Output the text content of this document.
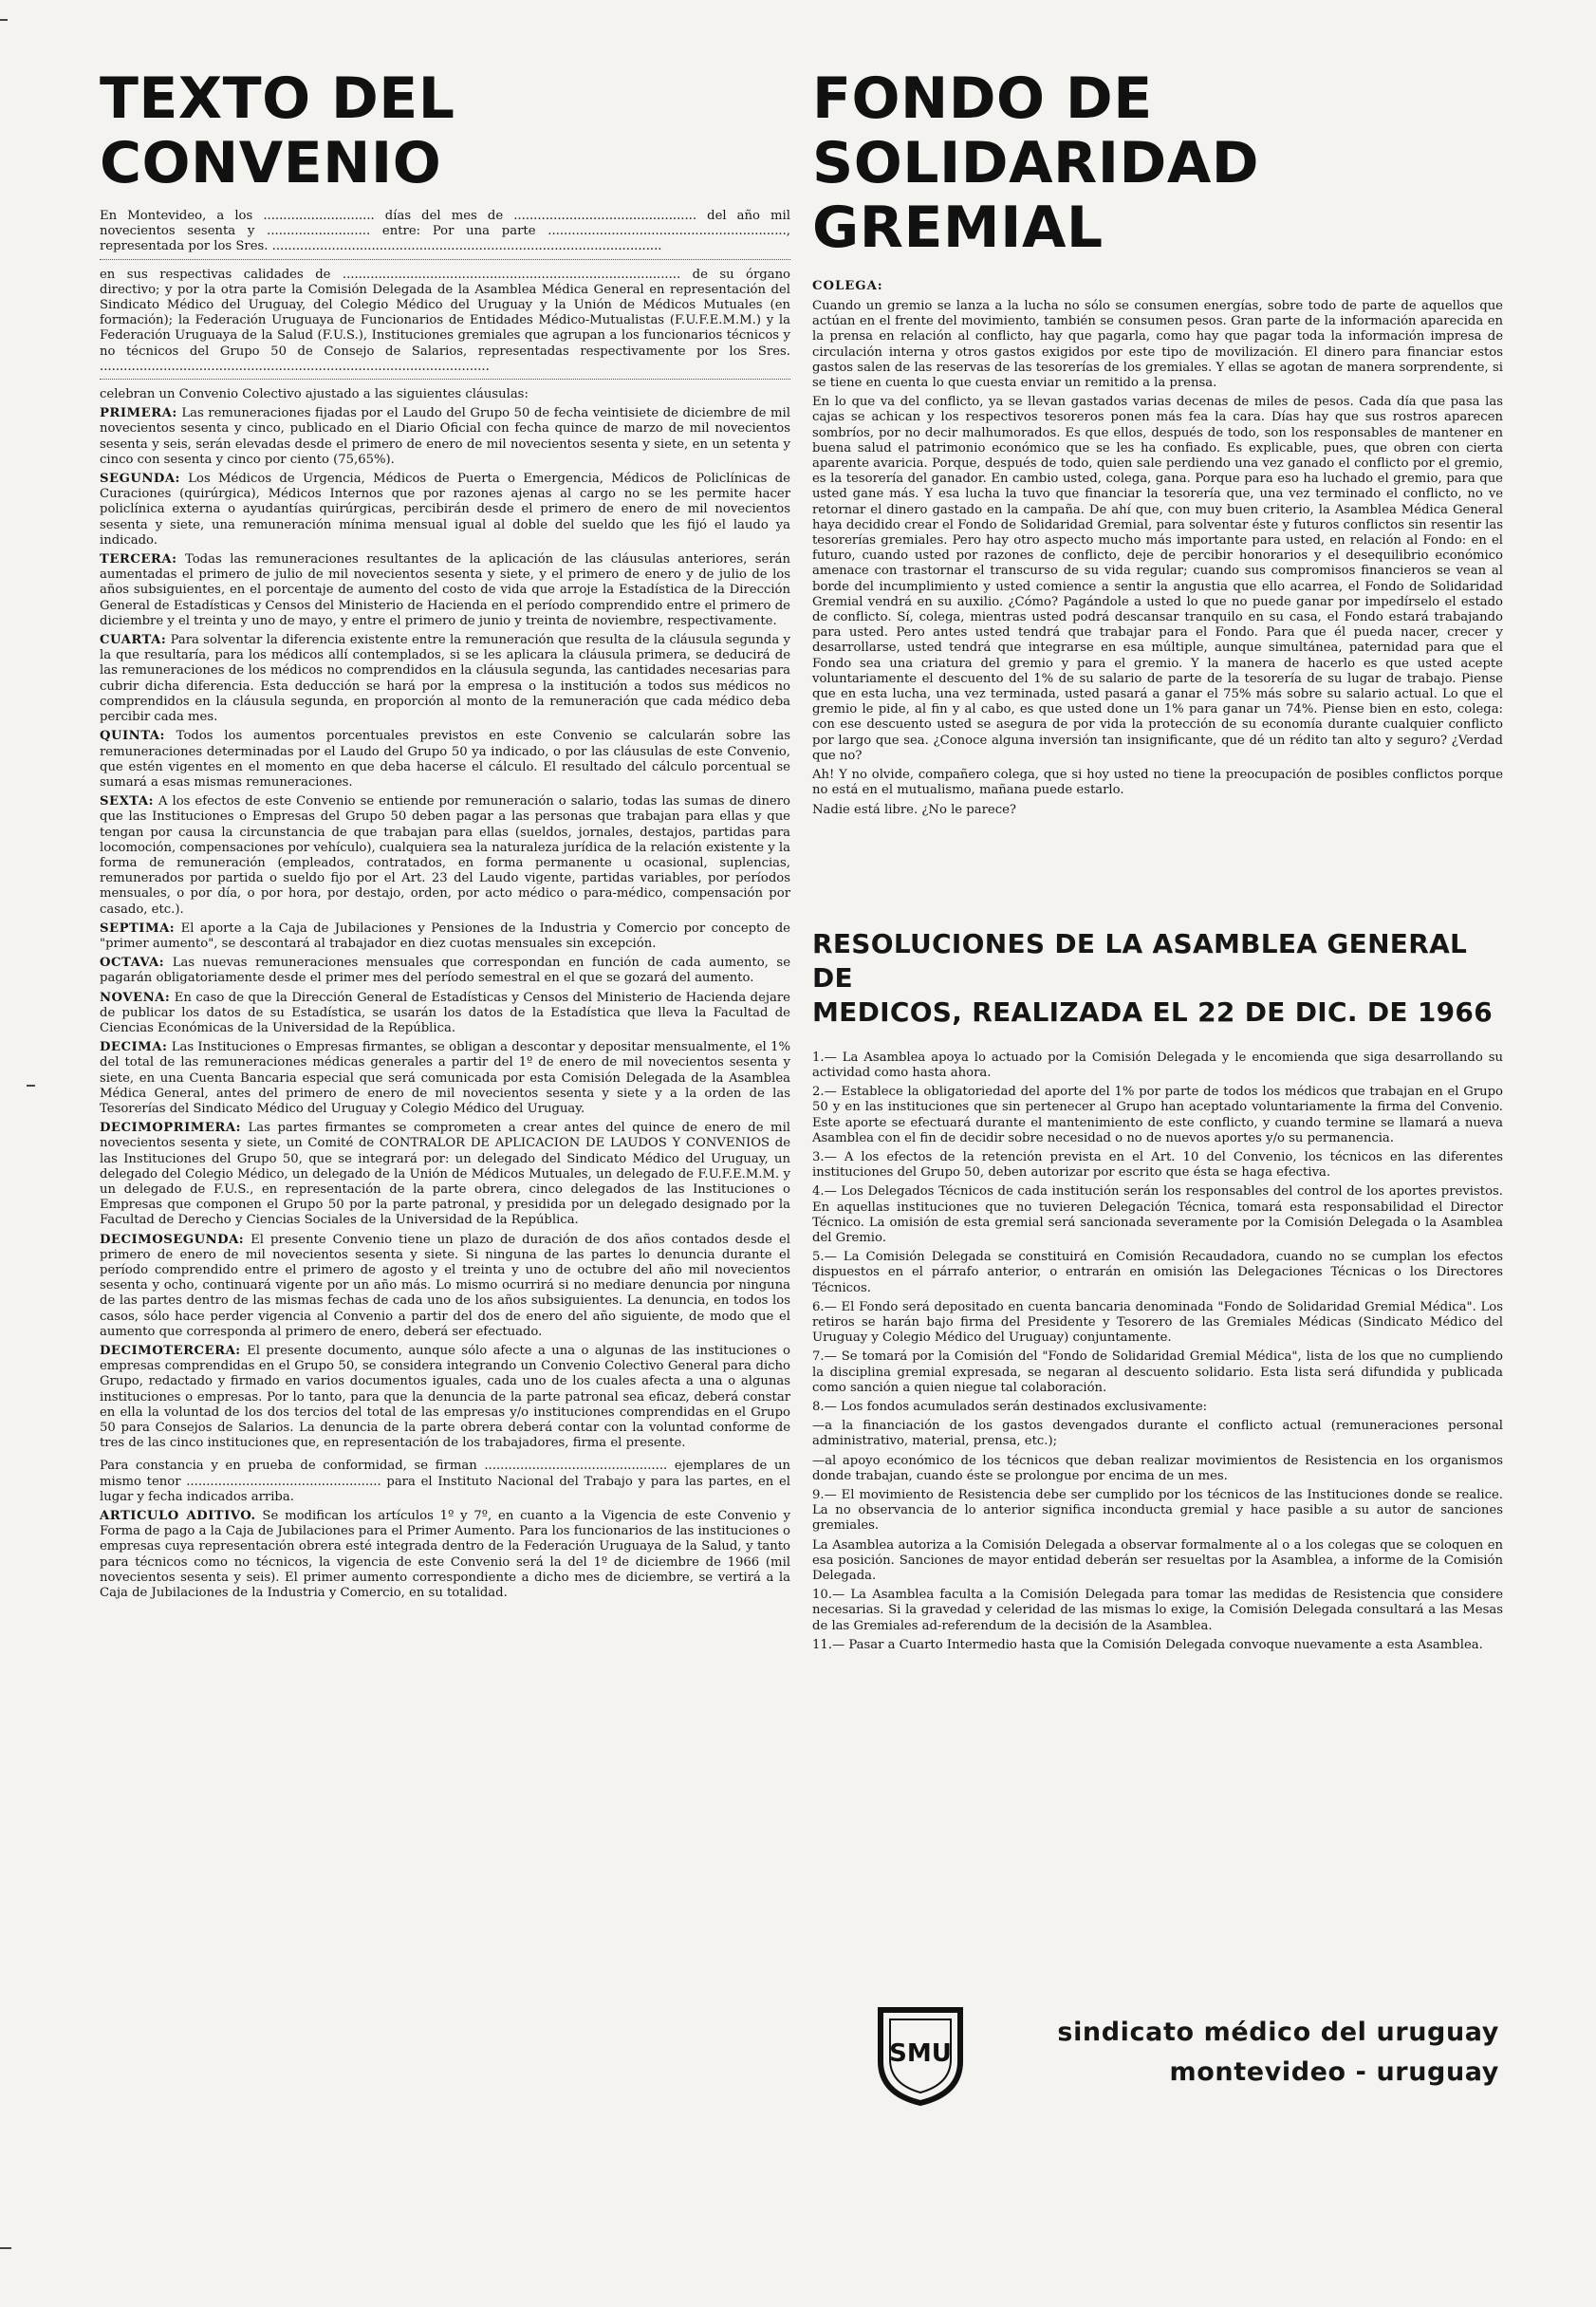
TEXTO DEL
CONVENIO

En Montevideo, a los ............................ días del mes de .............................................. del año mil novecientos sesenta y .......................... entre: Por una parte ............................................................, representada por los Sres. ..................................................................................................

en sus respectivas calidades de ..................................................................................... de su órgano directivo; y por la otra parte la Comisión Delegada de la Asamblea Médica General en representación del Sindicato Médico del Uruguay, del Colegio Médico del Uruguay y la Unión de Médicos Mutuales (en formación); la Federación Uruguaya de Funcionarios de Entidades Médico-Mutualistas (F.U.F.E.M.M.) y la Federación Uruguaya de la Salud (F.U.S.), Instituciones gremiales que agrupan a los funcionarios técnicos y no técnicos del Grupo 50 de Consejo de Salarios, representadas respectivamente por los Sres. ..................................................................................................

celebran un Convenio Colectivo ajustado a las siguientes cláusulas:

PRIMERA: Las remuneraciones fijadas por el Laudo del Grupo 50 de fecha veintisiete de diciembre de mil novecientos sesenta y cinco, publicado en el Diario Oficial con fecha quince de marzo de mil novecientos sesenta y seis, serán elevadas desde el primero de enero de mil novecientos sesenta y siete, en un setenta y cinco con sesenta y cinco por ciento (75,65%).

SEGUNDA: Los Médicos de Urgencia, Médicos de Puerta o Emergencia, Médicos de Policlínicas de Curaciones (quirúrgica), Médicos Internos que por razones ajenas al cargo no se les permite hacer policlínica externa o ayudantías quirúrgicas, percibirán desde el primero de enero de mil novecientos sesenta y siete, una remuneración mínima mensual igual al doble del sueldo que les fijó el laudo ya indicado.

TERCERA: Todas las remuneraciones resultantes de la aplicación de las cláusulas anteriores, serán aumentadas el primero de julio de mil novecientos sesenta y siete, y el primero de enero y de julio de los años subsiguientes, en el porcentaje de aumento del costo de vida que arroje la Estadística de la Dirección General de Estadísticas y Censos del Ministerio de Hacienda en el período comprendido entre el primero de diciembre y el treinta y uno de mayo, y entre el primero de junio y treinta de noviembre, respectivamente.

CUARTA: Para solventar la diferencia existente entre la remuneración que resulta de la cláusula segunda y la que resultaría, para los médicos allí contemplados, si se les aplicara la cláusula primera, se deducirá de las remuneraciones de los médicos no comprendidos en la cláusula segunda, las cantidades necesarias para cubrir dicha diferencia. Esta deducción se hará por la empresa o la institución a todos sus médicos no comprendidos en la cláusula segunda, en proporción al monto de la remuneración que cada médico deba percibir cada mes.

QUINTA: Todos los aumentos porcentuales previstos en este Convenio se calcularán sobre las remuneraciones determinadas por el Laudo del Grupo 50 ya indicado, o por las cláusulas de este Convenio, que estén vigentes en el momento en que deba hacerse el cálculo. El resultado del cálculo porcentual se sumará a esas mismas remuneraciones.

SEXTA: A los efectos de este Convenio se entiende por remuneración o salario, todas las sumas de dinero que las Instituciones o Empresas del Grupo 50 deben pagar a las personas que trabajan para ellas y que tengan por causa la circunstancia de que trabajan para ellas (sueldos, jornales, destajos, partidas para locomoción, compensaciones por vehículo), cualquiera sea la naturaleza jurídica de la relación existente y la forma de remuneración (empleados, contratados, en forma permanente u ocasional, suplencias, remunerados por partida o sueldo fijo por el Art. 23 del Laudo vigente, partidas variables, por períodos mensuales, o por día, o por hora, por destajo, orden, por acto médico o para-médico, compensación por casado, etc.).

SEPTIMA: El aporte a la Caja de Jubilaciones y Pensiones de la Industria y Comercio por concepto de "primer aumento", se descontará al trabajador en diez cuotas mensuales sin excepción.

OCTAVA: Las nuevas remuneraciones mensuales que correspondan en función de cada aumento, se pagarán obligatoriamente desde el primer mes del período semestral en el que se gozará del aumento.

NOVENA: En caso de que la Dirección General de Estadísticas y Censos del Ministerio de Hacienda dejare de publicar los datos de su Estadística, se usarán los datos de la Estadística que lleva la Facultad de Ciencias Económicas de la Universidad de la República.

DECIMA: Las Instituciones o Empresas firmantes, se obligan a descontar y depositar mensualmente, el 1% del total de las remuneraciones médicas generales a partir del 1º de enero de mil novecientos sesenta y siete, en una Cuenta Bancaria especial que será comunicada por esta Comisión Delegada de la Asamblea Médica General, antes del primero de enero de mil novecientos sesenta y siete y a la orden de las Tesorerías del Sindicato Médico del Uruguay y Colegio Médico del Uruguay.

DECIMOPRIMERA: Las partes firmantes se comprometen a crear antes del quince de enero de mil novecientos sesenta y siete, un Comité de CONTRALOR DE APLICACION DE LAUDOS Y CONVENIOS de las Instituciones del Grupo 50, que se integrará por: un delegado del Sindicato Médico del Uruguay, un delegado del Colegio Médico, un delegado de la Unión de Médicos Mutuales, un delegado de F.U.F.E.M.M. y un delegado de F.U.S., en representación de la parte obrera, cinco delegados de las Instituciones o Empresas que componen el Grupo 50 por la parte patronal, y presidida por un delegado designado por la Facultad de Derecho y Ciencias Sociales de la Universidad de la República.

DECIMOSEGUNDA: El presente Convenio tiene un plazo de duración de dos años contados desde el primero de enero de mil novecientos sesenta y siete. Si ninguna de las partes lo denuncia durante el período comprendido entre el primero de agosto y el treinta y uno de octubre del año mil novecientos sesenta y ocho, continuará vigente por un año más. Lo mismo ocurrirá si no mediare denuncia por ninguna de las partes dentro de las mismas fechas de cada uno de los años subsiguientes. La denuncia, en todos los casos, sólo hace perder vigencia al Convenio a partir del dos de enero del año siguiente, de modo que el aumento que corresponda al primero de enero, deberá ser efectuado.

DECIMOTERCERA: El presente documento, aunque sólo afecte a una o algunas de las instituciones o empresas comprendidas en el Grupo 50, se considera integrando un Convenio Colectivo General para dicho Grupo, redactado y firmado en varios documentos iguales, cada uno de los cuales afecta a una o algunas instituciones o empresas. Por lo tanto, para que la denuncia de la parte patronal sea eficaz, deberá constar en ella la voluntad de los dos tercios del total de las empresas y/o instituciones comprendidas en el Grupo 50 para Consejos de Salarios. La denuncia de la parte obrera deberá contar con la voluntad conforme de tres de las cinco instituciones que, en representación de los trabajadores, firma el presente.

Para constancia y en prueba de conformidad, se firman .............................................. ejemplares de un mismo tenor ................................................. para el Instituto Nacional del Trabajo y para las partes, en el lugar y fecha indicados arriba.

ARTICULO ADITIVO. Se modifican los artículos 1º y 7º, en cuanto a la Vigencia de este Convenio y Forma de pago a la Caja de Jubilaciones para el Primer Aumento. Para los funcionarios de las instituciones o empresas cuya representación obrera esté integrada dentro de la Federación Uruguaya de la Salud, y tanto para técnicos como no técnicos, la vigencia de este Convenio será la del 1º de diciembre de 1966 (mil novecientos sesenta y seis). El primer aumento correspondiente a dicho mes de diciembre, se vertirá a la Caja de Jubilaciones de la Industria y Comercio, en su totalidad.

FONDO DE
SOLIDARIDAD
GREMIAL
COLEGA:

Cuando un gremio se lanza a la lucha no sólo se consumen energías, sobre todo de parte de aquellos que actúan en el frente del movimiento, también se consumen pesos. Gran parte de la información aparecida en la prensa en relación al conflicto, hay que pagarla, como hay que pagar toda la información impresa de circulación interna y otros gastos exigidos por este tipo de movilización. El dinero para financiar estos gastos salen de las reservas de las tesorerías de los gremiales. Y ellas se agotan de manera sorprendente, si se tiene en cuenta lo que cuesta enviar un remitido a la prensa.

En lo que va del conflicto, ya se llevan gastados varias decenas de miles de pesos. Cada día que pasa las cajas se achican y los respectivos tesoreros ponen más fea la cara. Días hay que sus rostros aparecen sombríos, por no decir malhumorados. Es que ellos, después de todo, son los responsables de mantener en buena salud el patrimonio económico que se les ha confiado. Es explicable, pues, que obren con cierta aparente avaricia. Porque, después de todo, quien sale perdiendo una vez ganado el conflicto por el gremio, es la tesorería del ganador. En cambio usted, colega, gana. Porque para eso ha luchado el gremio, para que usted gane más. Y esa lucha la tuvo que financiar la tesorería que, una vez terminado el conflicto, no ve retornar el dinero gastado en la campaña. De ahí que, con muy buen criterio, la Asamblea Médica General haya decidido crear el Fondo de Solidaridad Gremial, para solventar éste y futuros conflictos sin resentir las tesorerías gremiales. Pero hay otro aspecto mucho más importante para usted, en relación al Fondo: en el futuro, cuando usted por razones de conflicto, deje de percibir honorarios y el desequilibrio económico amenace con trastornar el transcurso de su vida regular; cuando sus compromisos financieros se vean al borde del incumplimiento y usted comience a sentir la angustia que ello acarrea, el Fondo de Solidaridad Gremial vendrá en su auxilio. ¿Cómo? Pagándole a usted lo que no puede ganar por impedírselo el estado de conflicto. Sí, colega, mientras usted podrá descansar tranquilo en su casa, el Fondo estará trabajando para usted. Pero antes usted tendrá que trabajar para el Fondo. Para que él pueda nacer, crecer y desarrollarse, usted tendrá que integrarse en esa múltiple, aunque simultánea, paternidad para que el Fondo sea una criatura del gremio y para el gremio. Y la manera de hacerlo es que usted acepte voluntariamente el descuento del 1% de su salario de parte de la tesorería de su lugar de trabajo. Piense que en esta lucha, una vez terminada, usted pasará a ganar el 75% más sobre su salario actual. Lo que el gremio le pide, al fin y al cabo, es que usted done un 1% para ganar un 74%. Piense bien en esto, colega: con ese descuento usted se asegura de por vida la protección de su economía durante cualquier conflicto por largo que sea. ¿Conoce alguna inversión tan insignificante, que dé un rédito tan alto y seguro? ¿Verdad que no?

Ah! Y no olvide, compañero colega, que si hoy usted no tiene la preocupación de posibles conflictos porque no está en el mutualismo, mañana puede estarlo.

Nadie está libre. ¿No le parece?

RESOLUCIONES DE LA ASAMBLEA GENERAL DE
MEDICOS, REALIZADA EL 22 DE DIC. DE 1966

1.— La Asamblea apoya lo actuado por la Comisión Delegada y le encomienda que siga desarrollando su actividad como hasta ahora.

2.— Establece la obligatoriedad del aporte del 1% por parte de todos los médicos que trabajan en el Grupo 50 y en las instituciones que sin pertenecer al Grupo han aceptado voluntariamente la firma del Convenio. Este aporte se efectuará durante el mantenimiento de este conflicto, y cuando termine se llamará a nueva Asamblea con el fin de decidir sobre necesidad o no de nuevos aportes y/o su permanencia.

3.— A los efectos de la retención prevista en el Art. 10 del Convenio, los técnicos en las diferentes instituciones del Grupo 50, deben autorizar por escrito que ésta se haga efectiva.

4.— Los Delegados Técnicos de cada institución serán los responsables del control de los aportes previstos. En aquellas instituciones que no tuvieren Delegación Técnica, tomará esta responsabilidad el Director Técnico. La omisión de esta gremial será sancionada severamente por la Comisión Delegada o la Asamblea del Gremio.

5.— La Comisión Delegada se constituirá en Comisión Recaudadora, cuando no se cumplan los efectos dispuestos en el párrafo anterior, o entrarán en omisión las Delegaciones Técnicas o los Directores Técnicos.

6.— El Fondo será depositado en cuenta bancaria denominada "Fondo de Solidaridad Gremial Médica". Los retiros se harán bajo firma del Presidente y Tesorero de las Gremiales Médicas (Sindicato Médico del Uruguay y Colegio Médico del Uruguay) conjuntamente.

7.— Se tomará por la Comisión del "Fondo de Solidaridad Gremial Médica", lista de los que no cumpliendo la disciplina gremial expresada, se negaran al descuento solidario. Esta lista será difundida y publicada como sanción a quien niegue tal colaboración.

8.— Los fondos acumulados serán destinados exclusivamente:

—a la financiación de los gastos devengados durante el conflicto actual (remuneraciones personal administrativo, material, prensa, etc.);

—al apoyo económico de los técnicos que deban realizar movimientos de Resistencia en los organismos donde trabajan, cuando éste se prolongue por encima de un mes.

9.— El movimiento de Resistencia debe ser cumplido por los técnicos de las Instituciones donde se realice. La no observancia de lo anterior significa inconducta gremial y hace pasible a su autor de sanciones gremiales.

La Asamblea autoriza a la Comisión Delegada a observar formalmente al o a los colegas que se coloquen en esa posición. Sanciones de mayor entidad deberán ser resueltas por la Asamblea, a informe de la Comisión Delegada.

10.— La Asamblea faculta a la Comisión Delegada para tomar las medidas de Resistencia que considere necesarias. Si la gravedad y celeridad de las mismas lo exige, la Comisión Delegada consultará a las Mesas de las Gremiales ad-referendum de la decisión de la Asamblea.

11.— Pasar a Cuarto Intermedio hasta que la Comisión Delegada convoque nuevamente a esta Asamblea.

SMU
sindicato médico del uruguay
montevideo - uruguay
